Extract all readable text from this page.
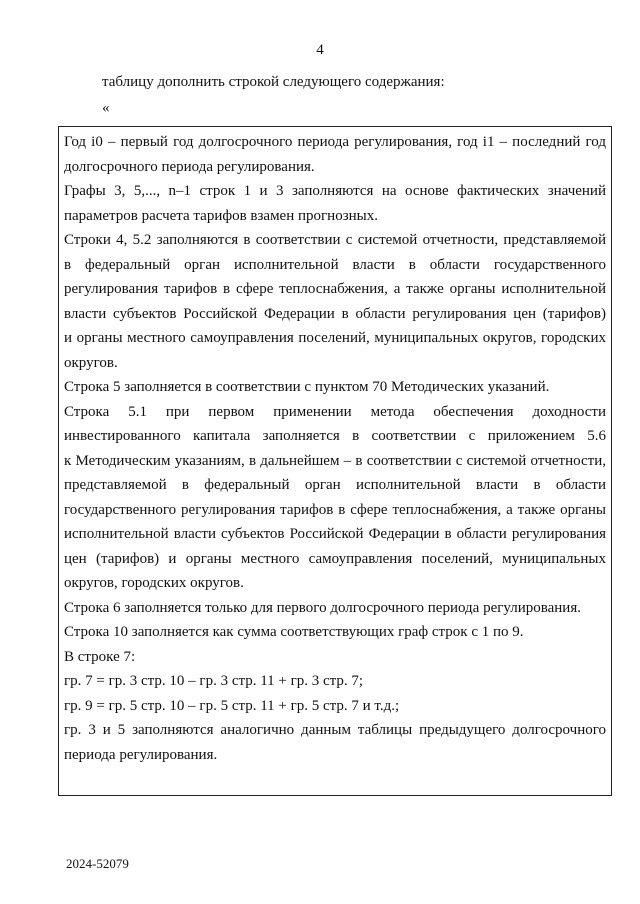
4
таблицу дополнить строкой следующего содержания:
«
Год i0 – первый год долгосрочного периода регулирования, год i1 – последний год
долгосрочного периода регулирования.
Графы 3, 5,..., n–1 строк 1 и 3 заполняются на основе фактических значений
параметров расчета тарифов взамен прогнозных.
Строки 4, 5.2 заполняются в соответствии с системой отчетности, представляемой
в федеральный орган исполнительной власти в области государственного
регулирования тарифов в сфере теплоснабжения, а также органы исполнительной
власти субъектов Российской Федерации в области регулирования цен (тарифов)
и органы местного самоуправления поселений, муниципальных округов, городских
округов.
Строка 5 заполняется в соответствии с пунктом 70 Методических указаний.
Строка 5.1 при первом применении метода обеспечения доходности
инвестированного капитала заполняется в соответствии с приложением 5.6
к Методическим указаниям, в дальнейшем – в соответствии с системой отчетности,
представляемой в федеральный орган исполнительной власти в области
государственного регулирования тарифов в сфере теплоснабжения, а также органы
исполнительной власти субъектов Российской Федерации в области регулирования
цен (тарифов) и органы местного самоуправления поселений, муниципальных
округов, городских округов.
Строка 6 заполняется только для первого долгосрочного периода регулирования.
Строка 10 заполняется как сумма соответствующих граф строк с 1 по 9.
В строке 7:
гр. 7 = гр. 3 стр. 10 – гр. 3 стр. 11 + гр. 3 стр. 7;
гр. 9 = гр. 5 стр. 10 – гр. 5 стр. 11 + гр. 5 стр. 7 и т.д.;
гр. 3 и 5 заполняются аналогично данным таблицы предыдущего долгосрочного
периода регулирования.
2024-52079
